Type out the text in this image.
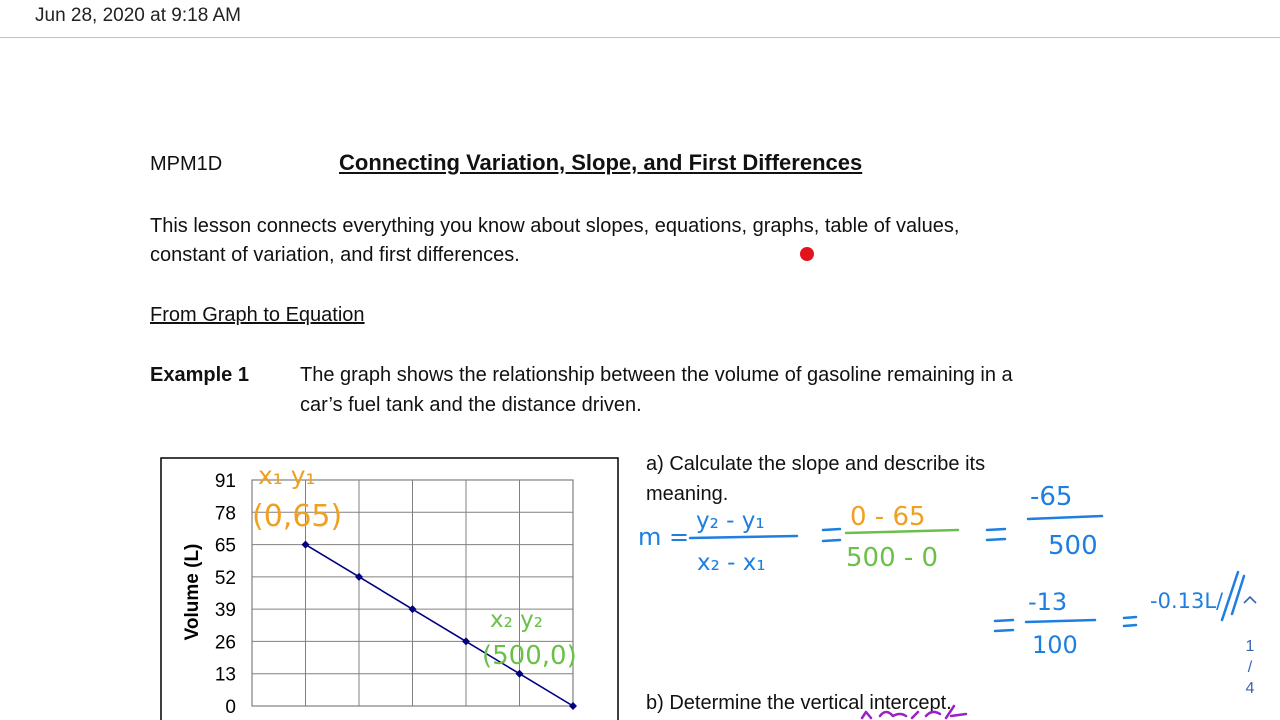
Jun 28, 2020 at 9:18 AM
MPM1D	Connecting Variation, Slope, and First Differences
This lesson connects everything you know about slopes, equations, graphs, table of values,
constant of variation, and first differences.
From Graph to Equation
Example 1	The graph shows the relationship between the volume of gasoline remaining in a
car’s fuel tank and the distance driven.
a) Calculate the slope and describe its
meaning.
b) Determine the vertical intercept.
91
78
65
52
39
26
13
0
Volume (L)
x₁ y₁
(0,65)
x₂ y₂
(500,0)
m =
y₂ - y₁
x₂ - x₁
0 - 65
500 - 0
-65
500
-13
100
-0.13L/
1
/
4
